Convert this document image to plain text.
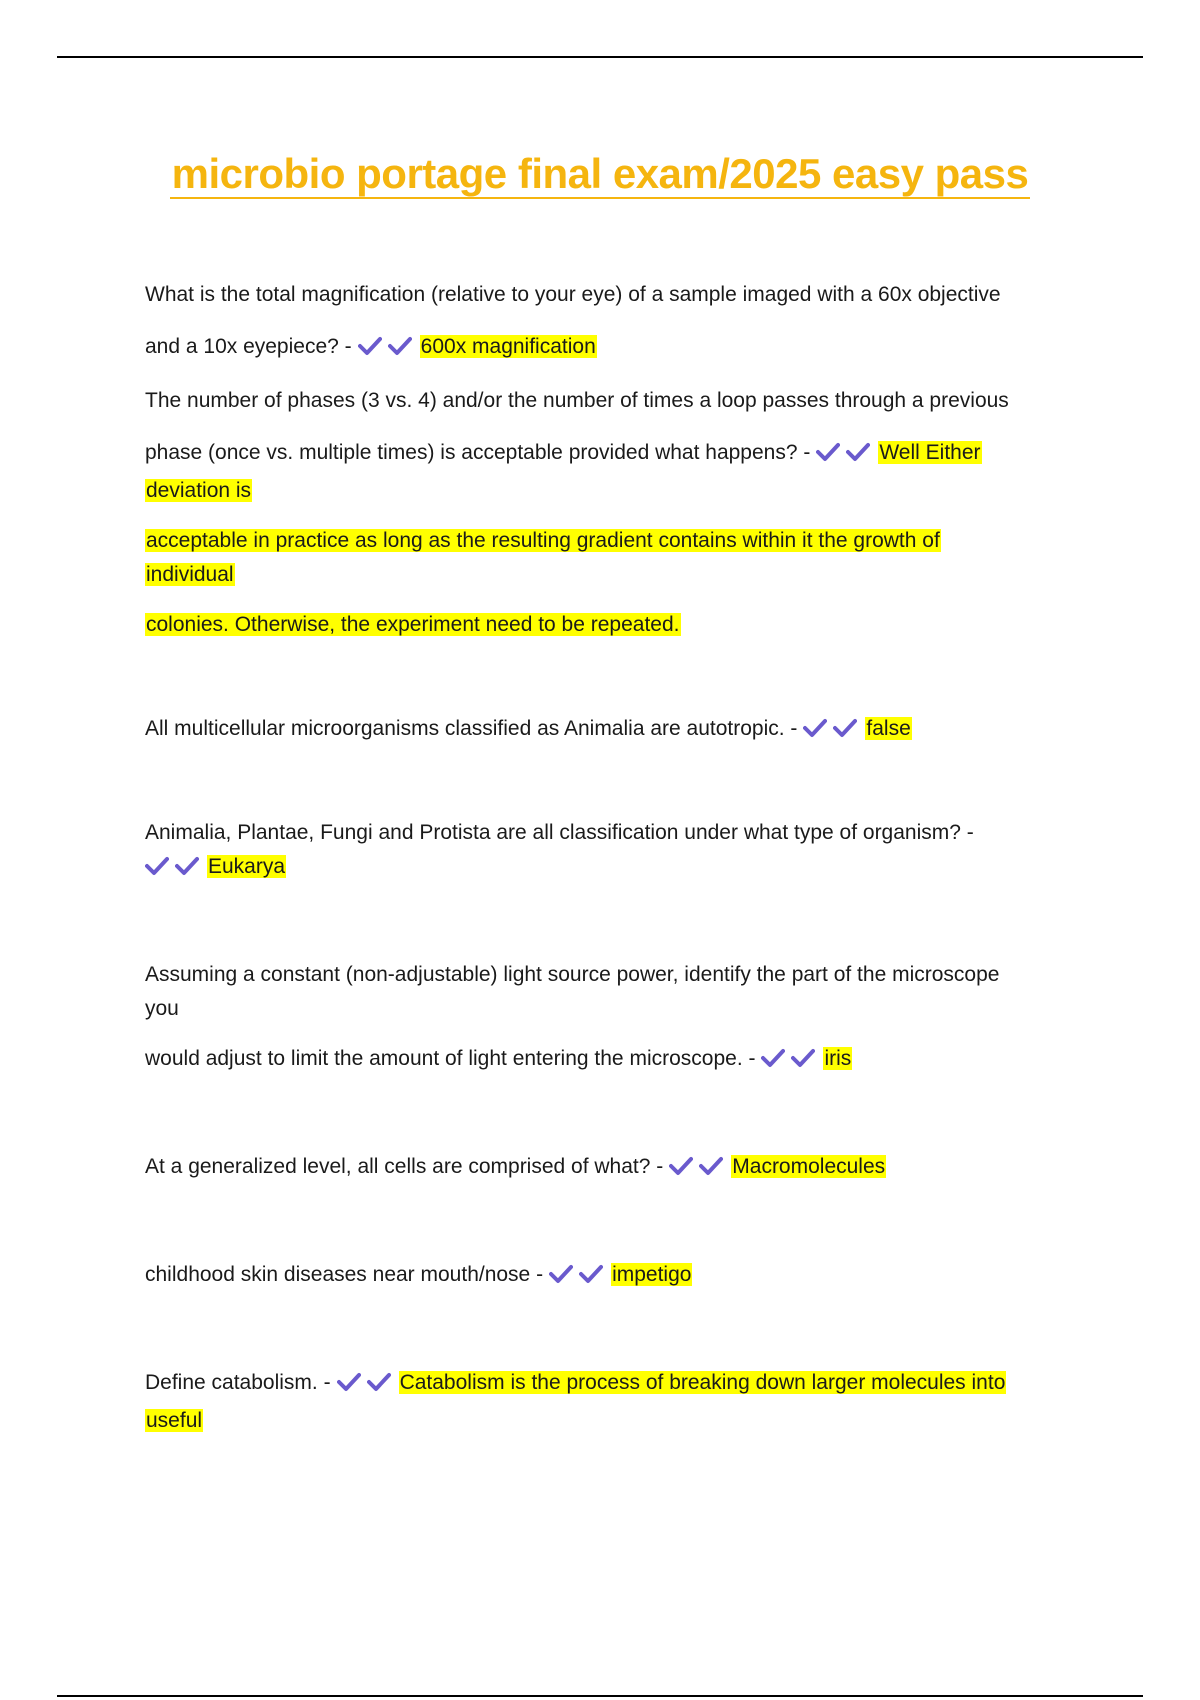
microbio portage final exam/2025 easy pass
What is the total magnification (relative to your eye) of a sample imaged with a 60x objective
and a 10x eyepiece? -	600x magnification
The number of phases (3 vs. 4) and/or the number of times a loop passes through a previous
phase (once vs. multiple times) is acceptable provided what happens? -	Well Either
deviation is
acceptable in practice as long as the resulting gradient contains within it the growth of
individual
colonies. Otherwise, the experiment need to be repeated.
All multicellular microorganisms classified as Animalia are autotropic. -	false
Animalia, Plantae, Fungi and Protista are all classification under what type of organism? -
Eukarya
Assuming a constant (non-adjustable) light source power, identify the part of the microscope
you
would adjust to limit the amount of light entering the microscope. -	iris
At a generalized level, all cells are comprised of what? -	Macromolecules
childhood skin diseases near mouth/nose -	impetigo
Define catabolism. -	Catabolism is the process of breaking down larger molecules into
useful
